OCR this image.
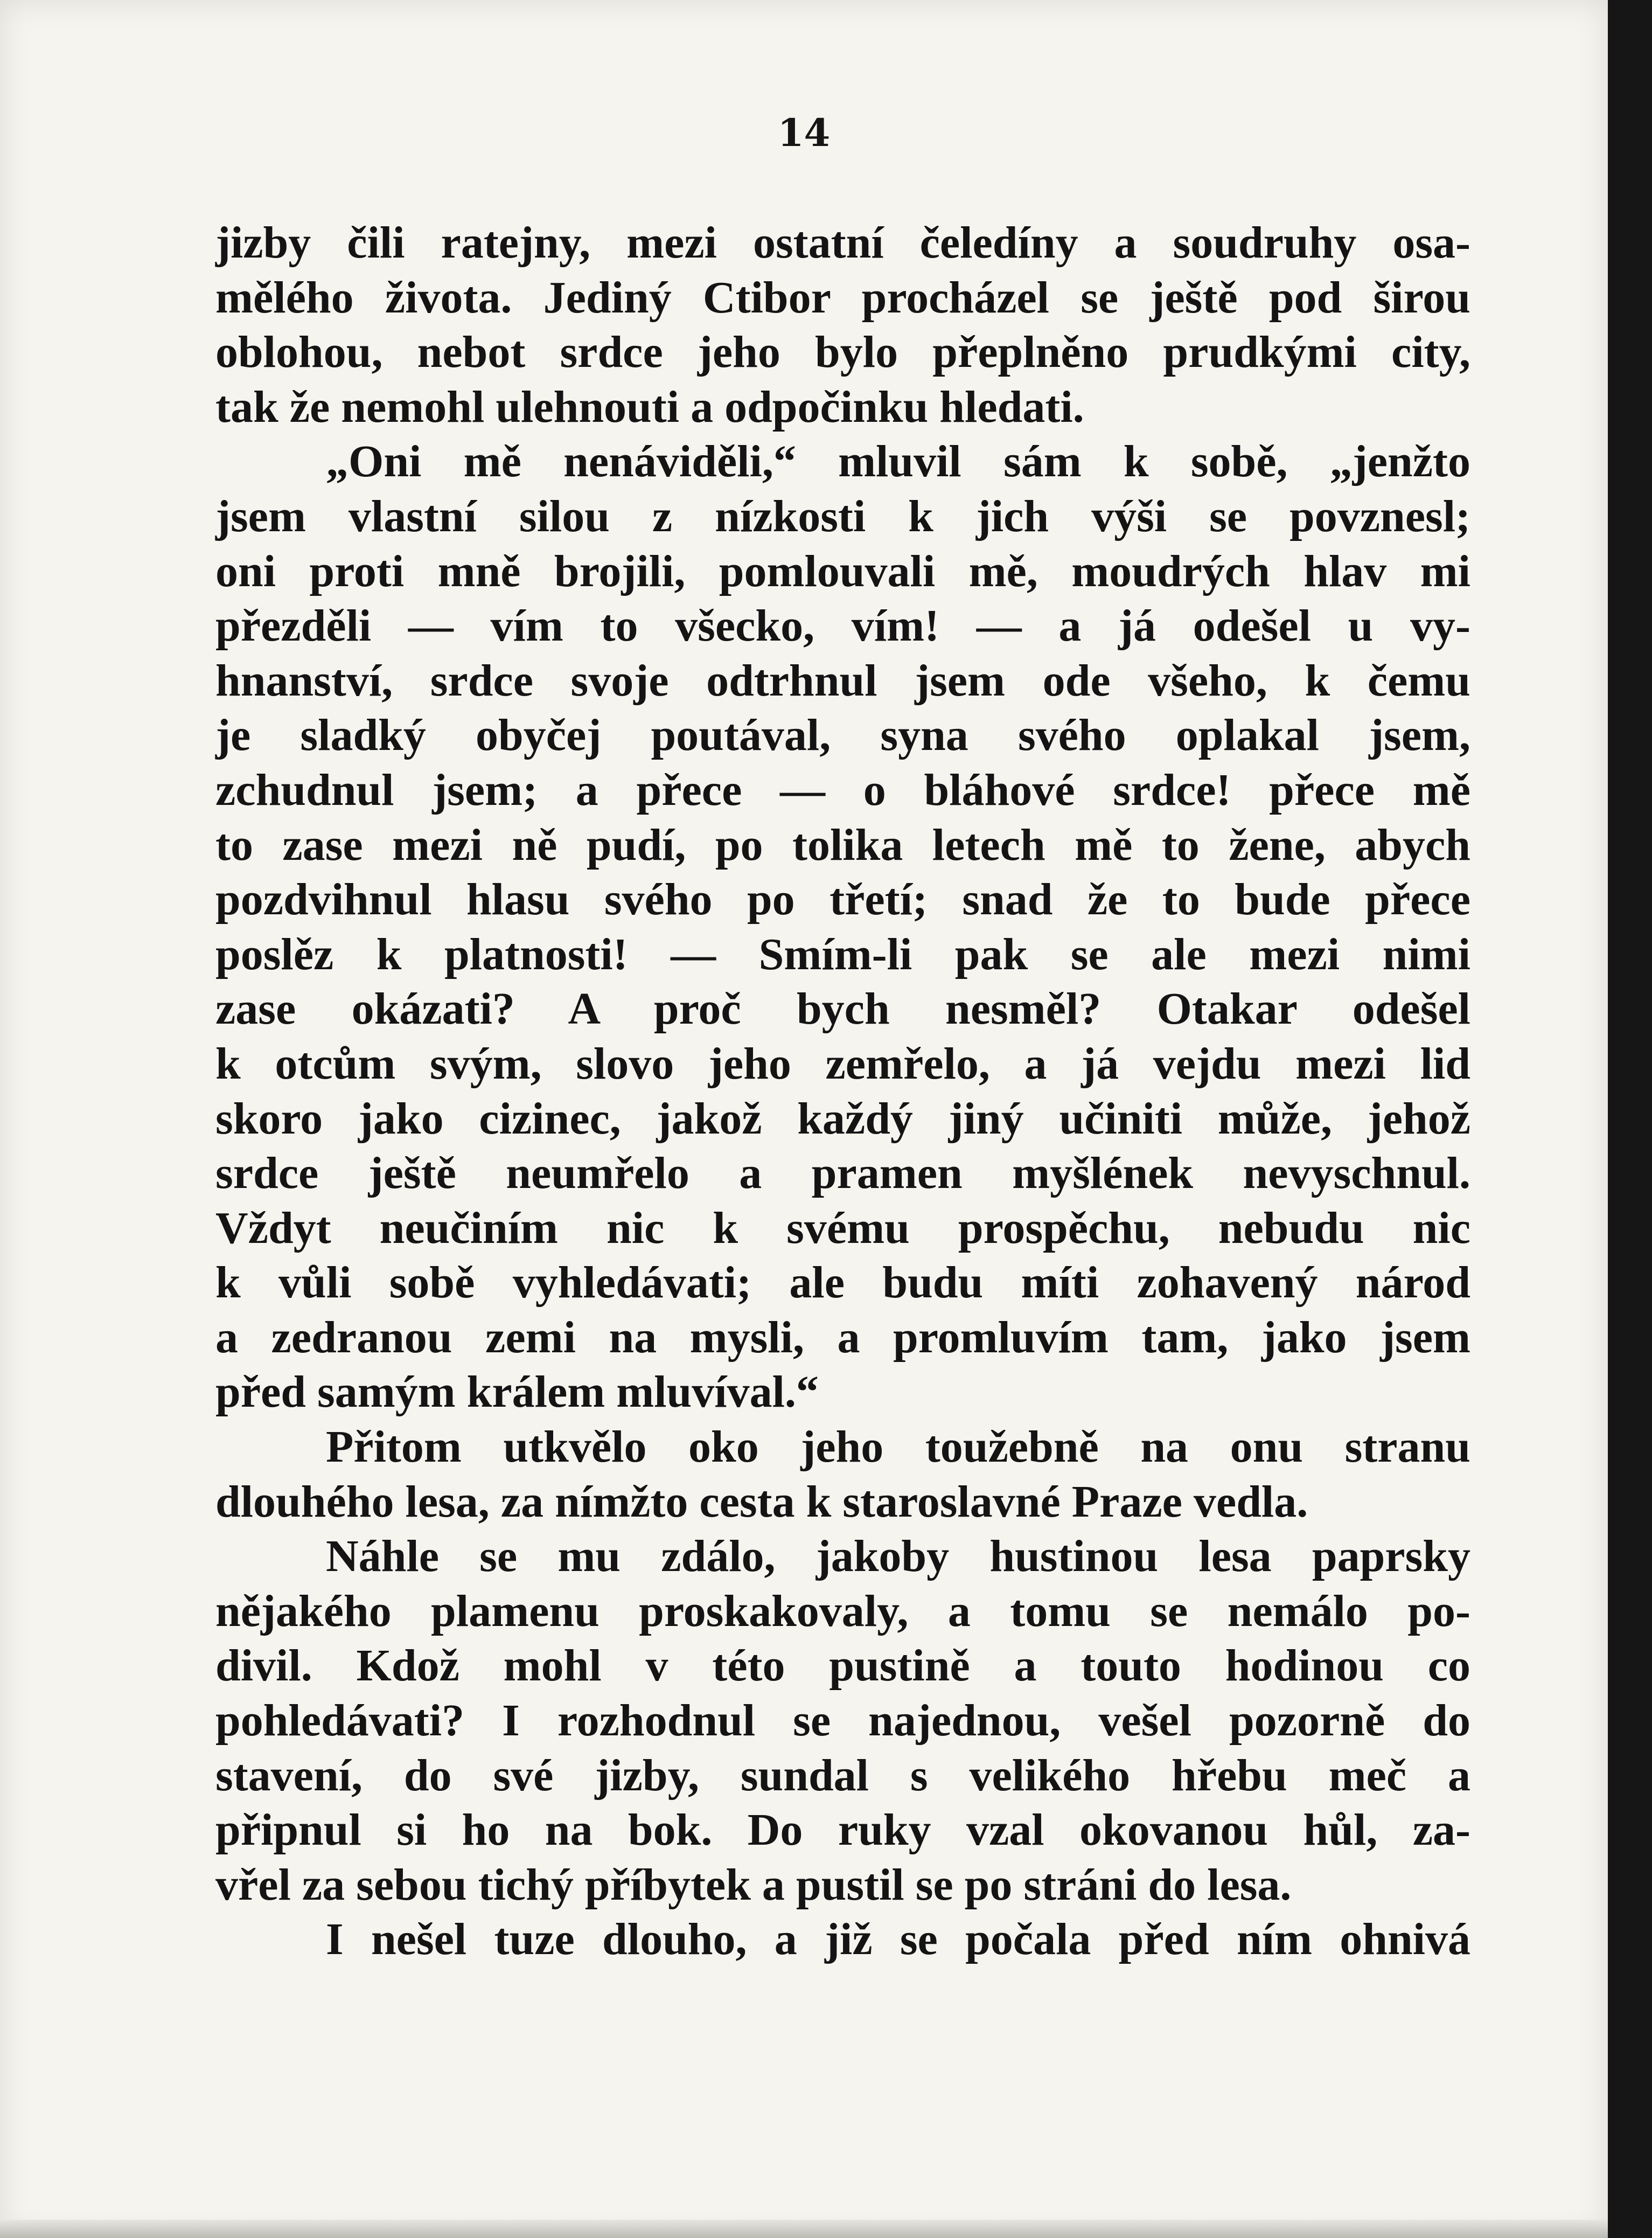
14
jizby čili ratejny, mezi ostatní čeledíny a soudruhy osa-
mělého života. Jediný Ctibor procházel se ještě pod širou
oblohou, nebot srdce jeho bylo přeplněno prudkými city,
tak že nemohl ulehnouti a odpočinku hledati.
„Oni mě nenáviděli,“ mluvil sám k sobě, „jenžto
jsem vlastní silou z nízkosti k jich výši se povznesl;
oni proti mně brojili, pomlouvali mě, moudrých hlav mi
přezděli — vím to všecko, vím! — a já odešel u vy-
hnanství, srdce svoje odtrhnul jsem ode všeho, k čemu
je sladký obyčej poutával, syna svého oplakal jsem,
zchudnul jsem; a přece — o bláhové srdce! přece mě
to zase mezi ně pudí, po tolika letech mě to žene, abych
pozdvihnul hlasu svého po třetí; snad že to bude přece
poslěz k platnosti! — Smím-li pak se ale mezi nimi
zase okázati? A proč bych nesměl? Otakar odešel
k otcům svým, slovo jeho zemřelo, a já vejdu mezi lid
skoro jako cizinec, jakož každý jiný učiniti může, jehož
srdce ještě neumřelo a pramen myšlének nevyschnul.
Vždyt neučiním nic k svému prospěchu, nebudu nic
k vůli sobě vyhledávati; ale budu míti zohavený národ
a zedranou zemi na mysli, a promluvím tam, jako jsem
před samým králem mluvíval.“
Přitom utkvělo oko jeho toužebně na onu stranu
dlouhého lesa, za nímžto cesta k staroslavné Praze vedla.
Náhle se mu zdálo, jakoby hustinou lesa paprsky
nějakého plamenu proskakovaly, a tomu se nemálo po-
divil. Kdož mohl v této pustině a touto hodinou co
pohledávati? I rozhodnul se najednou, vešel pozorně do
stavení, do své jizby, sundal s velikého hřebu meč a
připnul si ho na bok. Do ruky vzal okovanou hůl, za-
vřel za sebou tichý příbytek a pustil se po stráni do lesa.
I nešel tuze dlouho, a již se počala před ním ohnivá
